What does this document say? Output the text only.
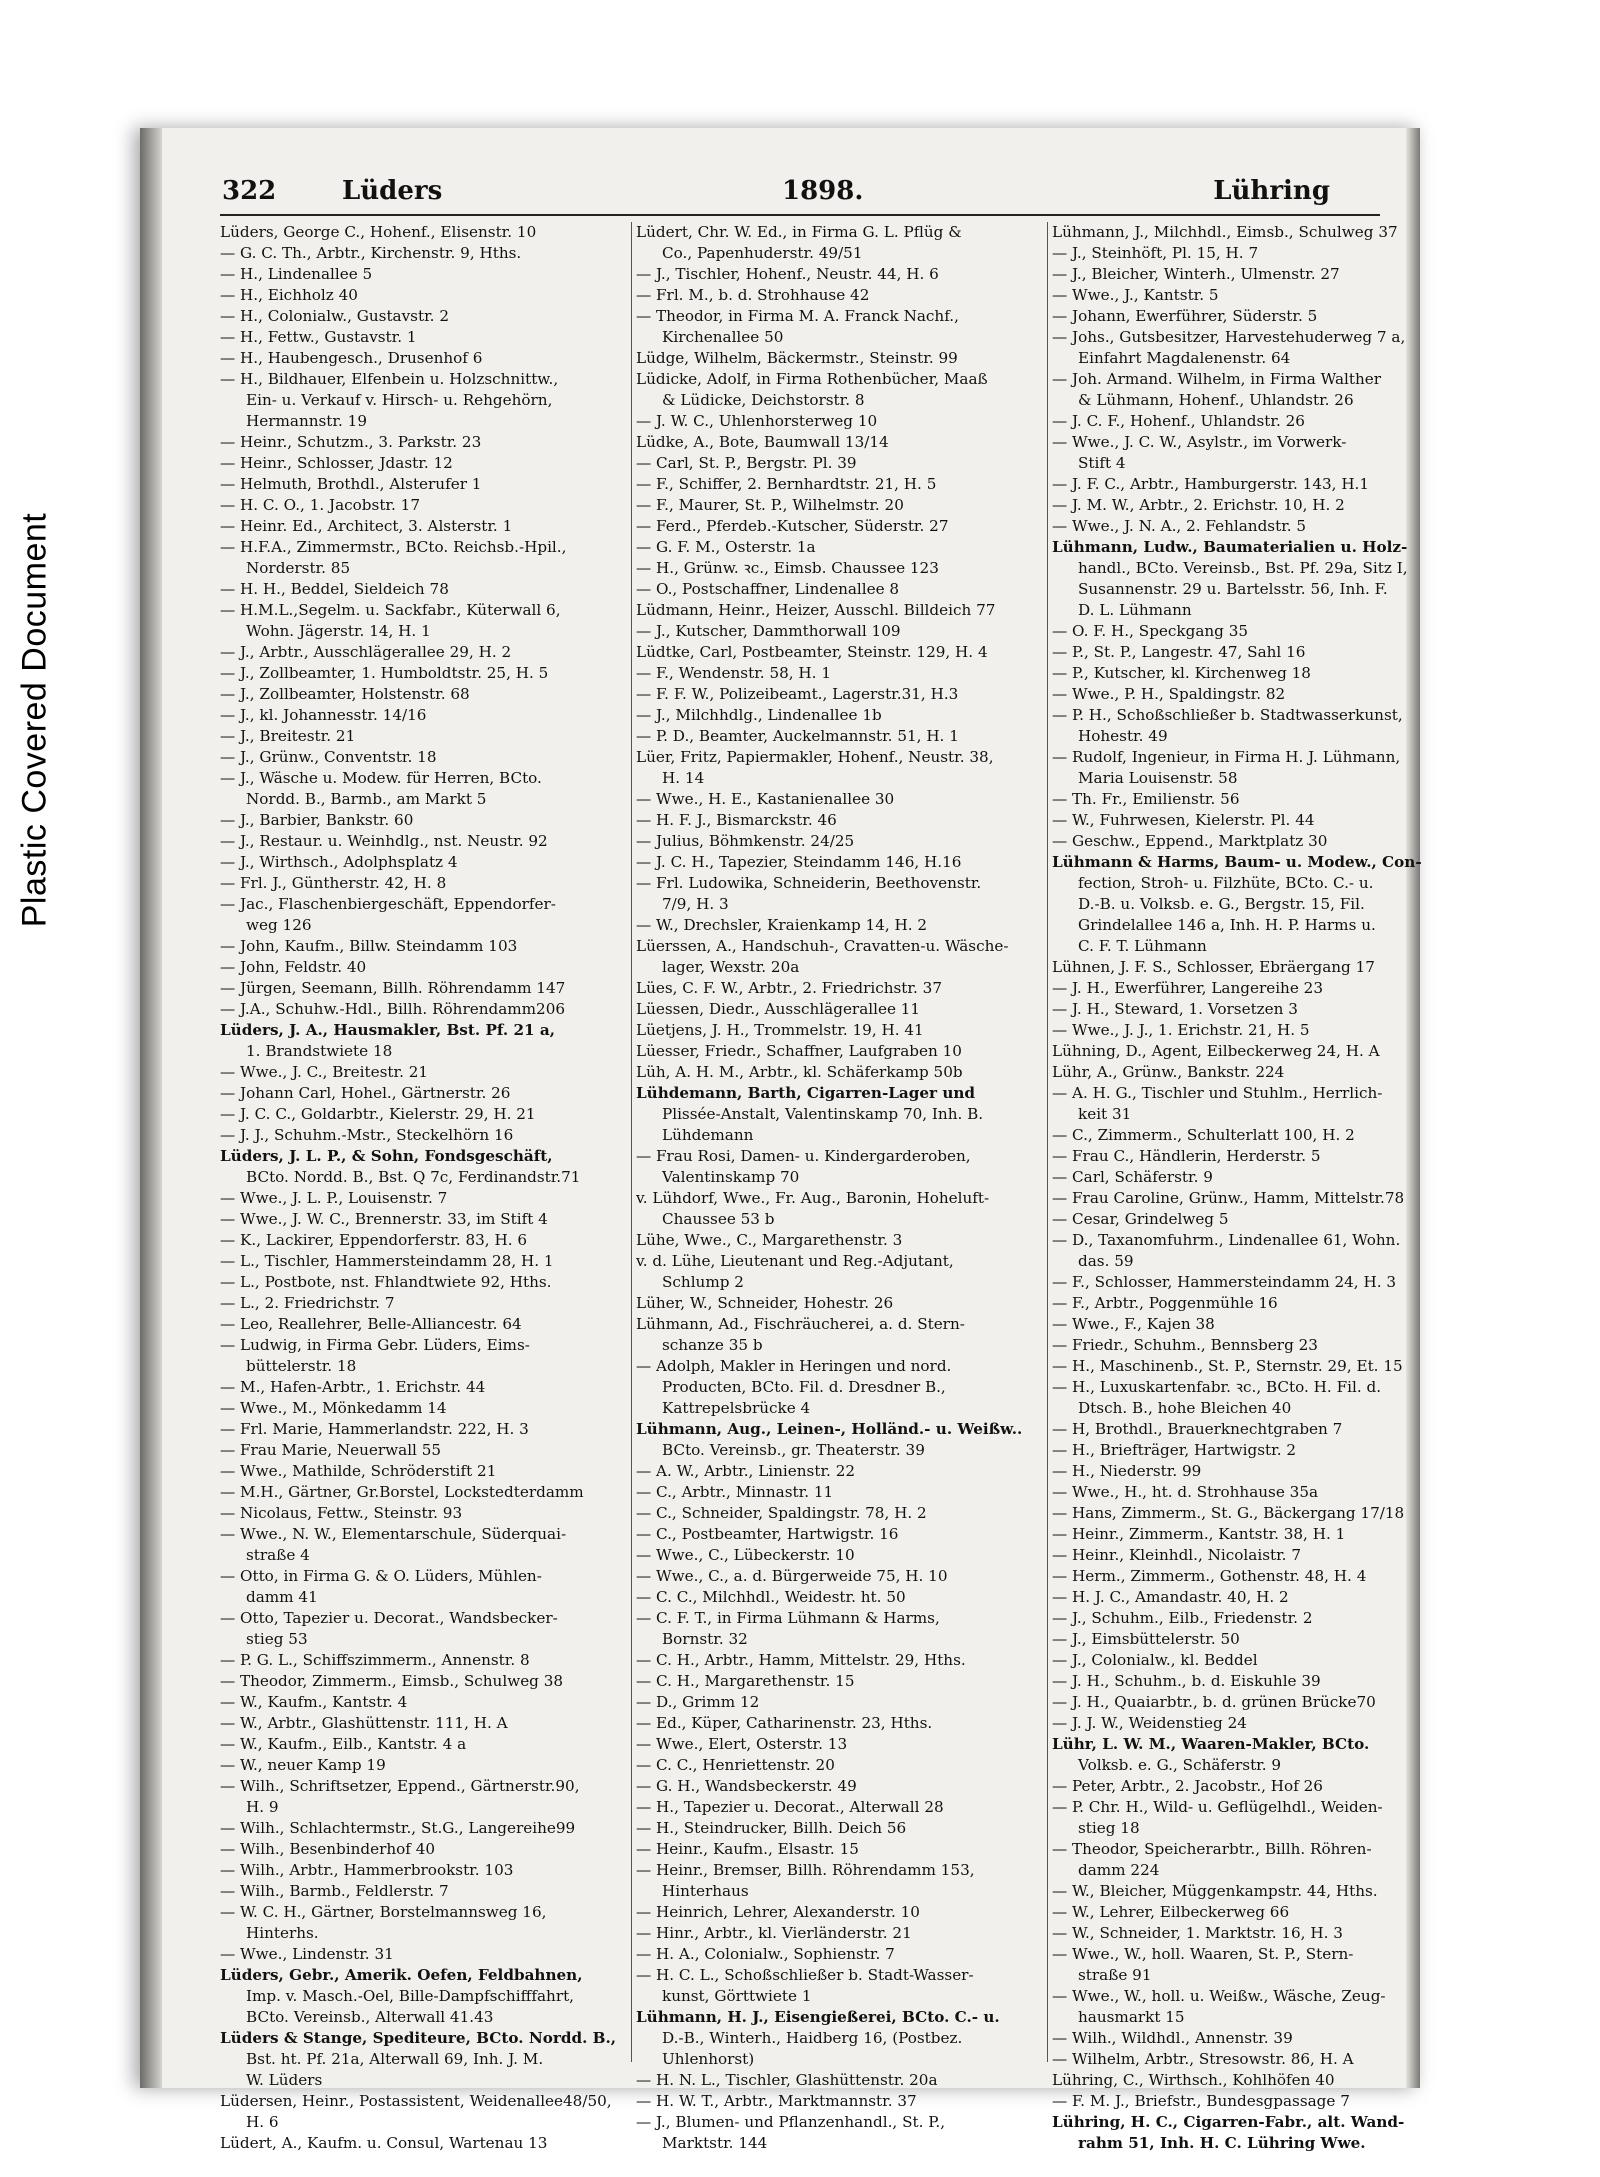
Plastic Covered Document
322	Lüders	1898.	Lühring
Lüders, George C., Hohenf., Elisenstr. 10
— G. C. Th., Arbtr., Kirchenstr. 9, Hths.
— H., Lindenallee 5
— H., Eichholz 40
— H., Colonialw., Gustavstr. 2
— H., Fettw., Gustavstr. 1
— H., Haubengesch., Drusenhof 6
— H., Bildhauer, Elfenbein u. Holzschnittw.,
Ein- u. Verkauf v. Hirsch- u. Rehgehörn,
Hermannstr. 19
— Heinr., Schutzm., 3. Parkstr. 23
— Heinr., Schlosser, Jdastr. 12
— Helmuth, Brothdl., Alsterufer 1
— H. C. O., 1. Jacobstr. 17
— Heinr. Ed., Architect, 3. Alsterstr. 1
— H.F.A., Zimmermstr., BCto. Reichsb.-Hpil.,
Norderstr. 85
— H. H., Beddel, Sieldeich 78
— H.M.L.,Segelm. u. Sackfabr., Küterwall 6,
Wohn. Jägerstr. 14, H. 1
— J., Arbtr., Ausschlägerallee 29, H. 2
— J., Zollbeamter, 1. Humboldtstr. 25, H. 5
— J., Zollbeamter, Holstenstr. 68
— J., kl. Johannesstr. 14/16
— J., Breitestr. 21
— J., Grünw., Conventstr. 18
— J., Wäsche u. Modew. für Herren, BCto.
Nordd. B., Barmb., am Markt 5
— J., Barbier, Bankstr. 60
— J., Restaur. u. Weinhdlg., nst. Neustr. 92
— J., Wirthsch., Adolphsplatz 4
— Frl. J., Güntherstr. 42, H. 8
— Jac., Flaschenbiergeschäft, Eppendorfer-
weg 126
— John, Kaufm., Billw. Steindamm 103
— John, Feldstr. 40
— Jürgen, Seemann, Billh. Röhrendamm 147
— J.A., Schuhw.-Hdl., Billh. Röhrendamm206
Lüders, J. A., Hausmakler, Bst. Pf. 21 a,
1. Brandstwiete 18
— Wwe., J. C., Breitestr. 21
— Johann Carl, Hohel., Gärtnerstr. 26
— J. C. C., Goldarbtr., Kielerstr. 29, H. 21
— J. J., Schuhm.-Mstr., Steckelhörn 16
Lüders, J. L. P., & Sohn, Fondsgeschäft,
BCto. Nordd. B., Bst. Q 7c, Ferdinandstr.71
— Wwe., J. L. P., Louisenstr. 7
— Wwe., J. W. C., Brennerstr. 33, im Stift 4
— K., Lackirer, Eppendorferstr. 83, H. 6
— L., Tischler, Hammersteindamm 28, H. 1
— L., Postbote, nst. Fhlandtwiete 92, Hths.
— L., 2. Friedrichstr. 7
— Leo, Reallehrer, Belle-Alliancestr. 64
— Ludwig, in Firma Gebr. Lüders, Eims-
büttelerstr. 18
— M., Hafen-Arbtr., 1. Erichstr. 44
— Wwe., M., Mönkedamm 14
— Frl. Marie, Hammerlandstr. 222, H. 3
— Frau Marie, Neuerwall 55
— Wwe., Mathilde, Schröderstift 21
— M.H., Gärtner, Gr.Borstel, Lockstedterdamm
— Nicolaus, Fettw., Steinstr. 93
— Wwe., N. W., Elementarschule, Süderquai-
straße 4
— Otto, in Firma G. & O. Lüders, Mühlen-
damm 41
— Otto, Tapezier u. Decorat., Wandsbecker-
stieg 53
— P. G. L., Schiffszimmerm., Annenstr. 8
— Theodor, Zimmerm., Eimsb., Schulweg 38
— W., Kaufm., Kantstr. 4
— W., Arbtr., Glashüttenstr. 111, H. A
— W., Kaufm., Eilb., Kantstr. 4 a
— W., neuer Kamp 19
— Wilh., Schriftsetzer, Eppend., Gärtnerstr.90,
H. 9
— Wilh., Schlachtermstr., St.G., Langereihe99
— Wilh., Besenbinderhof 40
— Wilh., Arbtr., Hammerbrookstr. 103
— Wilh., Barmb., Feldlerstr. 7
— W. C. H., Gärtner, Borstelmannsweg 16,
Hinterhs.
— Wwe., Lindenstr. 31
Lüders, Gebr., Amerik. Oefen, Feldbahnen,
Imp. v. Masch.-Oel, Bille-Dampfschifffahrt,
BCto. Vereinsb., Alterwall 41.43
Lüders & Stange, Spediteure, BCto. Nordd. B.,
Bst. ht. Pf. 21a, Alterwall 69, Inh. J. M.
W. Lüders
Lüdersen, Heinr., Postassistent, Weidenallee48/50,
H. 6
Lüdert, A., Kaufm. u. Consul, Wartenau 13
Lüdert, Chr. W. Ed., in Firma G. L. Pflüg &
Co., Papenhuderstr. 49/51
— J., Tischler, Hohenf., Neustr. 44, H. 6
— Frl. M., b. d. Strohhause 42
— Theodor, in Firma M. A. Franck Nachf.,
Kirchenallee 50
Lüdge, Wilhelm, Bäckermstr., Steinstr. 99
Lüdicke, Adolf, in Firma Rothenbücher, Maaß
& Lüdicke, Deichstorstr. 8
— J. W. C., Uhlenhorsterweg 10
Lüdke, A., Bote, Baumwall 13/14
— Carl, St. P., Bergstr. Pl. 39
— F., Schiffer, 2. Bernhardtstr. 21, H. 5
— F., Maurer, St. P., Wilhelmstr. 20
— Ferd., Pferdeb.-Kutscher, Süderstr. 27
— G. F. M., Osterstr. 1a
— H., Grünw. ꝛc., Eimsb. Chaussee 123
— O., Postschaffner, Lindenallee 8
Lüdmann, Heinr., Heizer, Ausschl. Billdeich 77
— J., Kutscher, Dammthorwall 109
Lüdtke, Carl, Postbeamter, Steinstr. 129, H. 4
— F., Wendenstr. 58, H. 1
— F. F. W., Polizeibeamt., Lagerstr.31, H.3
— J., Milchhdlg., Lindenallee 1b
— P. D., Beamter, Auckelmannstr. 51, H. 1
Lüer, Fritz, Papiermakler, Hohenf., Neustr. 38,
H. 14
— Wwe., H. E., Kastanienallee 30
— H. F. J., Bismarckstr. 46
— Julius, Böhmkenstr. 24/25
— J. C. H., Tapezier, Steindamm 146, H.16
— Frl. Ludowika, Schneiderin, Beethovenstr.
7/9, H. 3
— W., Drechsler, Kraienkamp 14, H. 2
Lüerssen, A., Handschuh-, Cravatten-u. Wäsche-
lager, Wexstr. 20a
Lües, C. F. W., Arbtr., 2. Friedrichstr. 37
Lüessen, Diedr., Ausschlägerallee 11
Lüetjens, J. H., Trommelstr. 19, H. 41
Lüesser, Friedr., Schaffner, Laufgraben 10
Lüh, A. H. M., Arbtr., kl. Schäferkamp 50b
Lühdemann, Barth, Cigarren-Lager und
Plissée-Anstalt, Valentinskamp 70, Inh. B.
Lühdemann
— Frau Rosi, Damen- u. Kindergarderoben,
Valentinskamp 70
v. Lühdorf, Wwe., Fr. Aug., Baronin, Hoheluft-
Chaussee 53 b
Lühe, Wwe., C., Margarethenstr. 3
v. d. Lühe, Lieutenant und Reg.-Adjutant,
Schlump 2
Lüher, W., Schneider, Hohestr. 26
Lühmann, Ad., Fischräucherei, a. d. Stern-
schanze 35 b
— Adolph, Makler in Heringen und nord.
Producten, BCto. Fil. d. Dresdner B.,
Kattrepelsbrücke 4
Lühmann, Aug., Leinen-, Holländ.- u. Weißw..
BCto. Vereinsb., gr. Theaterstr. 39
— A. W., Arbtr., Linienstr. 22
— C., Arbtr., Minnastr. 11
— C., Schneider, Spaldingstr. 78, H. 2
— C., Postbeamter, Hartwigstr. 16
— Wwe., C., Lübeckerstr. 10
— Wwe., C., a. d. Bürgerweide 75, H. 10
— C. C., Milchhdl., Weidestr. ht. 50
— C. F. T., in Firma Lühmann & Harms,
Bornstr. 32
— C. H., Arbtr., Hamm, Mittelstr. 29, Hths.
— C. H., Margarethenstr. 15
— D., Grimm 12
— Ed., Küper, Catharinenstr. 23, Hths.
— Wwe., Elert, Osterstr. 13
— C. C., Henriettenstr. 20
— G. H., Wandsbeckerstr. 49
— H., Tapezier u. Decorat., Alterwall 28
— H., Steindrucker, Billh. Deich 56
— Heinr., Kaufm., Elsastr. 15
— Heinr., Bremser, Billh. Röhrendamm 153,
Hinterhaus
— Heinrich, Lehrer, Alexanderstr. 10
— Hinr., Arbtr., kl. Vierländerstr. 21
— H. A., Colonialw., Sophienstr. 7
— H. C. L., Schoßschließer b. Stadt-Wasser-
kunst, Görttwiete 1
Lühmann, H. J., Eisengießerei, BCto. C.- u.
D.-B., Winterh., Haidberg 16, (Postbez.
Uhlenhorst)
— H. N. L., Tischler, Glashüttenstr. 20a
— H. W. T., Arbtr., Marktmannstr. 37
— J., Blumen- und Pflanzenhandl., St. P.,
Marktstr. 144
Lühmann, J., Milchhdl., Eimsb., Schulweg 37
— J., Steinhöft, Pl. 15, H. 7
— J., Bleicher, Winterh., Ulmenstr. 27
— Wwe., J., Kantstr. 5
— Johann, Ewerführer, Süderstr. 5
— Johs., Gutsbesitzer, Harvestehuderweg 7 a,
Einfahrt Magdalenenstr. 64
— Joh. Armand. Wilhelm, in Firma Walther
& Lühmann, Hohenf., Uhlandstr. 26
— J. C. F., Hohenf., Uhlandstr. 26
— Wwe., J. C. W., Asylstr., im Vorwerk-
Stift 4
— J. F. C., Arbtr., Hamburgerstr. 143, H.1
— J. M. W., Arbtr., 2. Erichstr. 10, H. 2
— Wwe., J. N. A., 2. Fehlandstr. 5
Lühmann, Ludw., Baumaterialien u. Holz-
handl., BCto. Vereinsb., Bst. Pf. 29a, Sitz I,
Susannenstr. 29 u. Bartelsstr. 56, Inh. F.
D. L. Lühmann
— O. F. H., Speckgang 35
— P., St. P., Langestr. 47, Sahl 16
— P., Kutscher, kl. Kirchenweg 18
— Wwe., P. H., Spaldingstr. 82
— P. H., Schoßschließer b. Stadtwasserkunst,
Hohestr. 49
— Rudolf, Ingenieur, in Firma H. J. Lühmann,
Maria Louisenstr. 58
— Th. Fr., Emilienstr. 56
— W., Fuhrwesen, Kielerstr. Pl. 44
— Geschw., Eppend., Marktplatz 30
Lühmann & Harms, Baum- u. Modew., Con-
fection, Stroh- u. Filzhüte, BCto. C.- u.
D.-B. u. Volksb. e. G., Bergstr. 15, Fil.
Grindelallee 146 a, Inh. H. P. Harms u.
C. F. T. Lühmann
Lühnen, J. F. S., Schlosser, Ebräergang 17
— J. H., Ewerführer, Langereihe 23
— J. H., Steward, 1. Vorsetzen 3
— Wwe., J. J., 1. Erichstr. 21, H. 5
Lühning, D., Agent, Eilbeckerweg 24, H. A
Lühr, A., Grünw., Bankstr. 224
— A. H. G., Tischler und Stuhlm., Herrlich-
keit 31
— C., Zimmerm., Schulterlatt 100, H. 2
— Frau C., Händlerin, Herderstr. 5
— Carl, Schäferstr. 9
— Frau Caroline, Grünw., Hamm, Mittelstr.78
— Cesar, Grindelweg 5
— D., Taxanomfuhrm., Lindenallee 61, Wohn.
das. 59
— F., Schlosser, Hammersteindamm 24, H. 3
— F., Arbtr., Poggenmühle 16
— Wwe., F., Kajen 38
— Friedr., Schuhm., Bennsberg 23
— H., Maschinenb., St. P., Sternstr. 29, Et. 15
— H., Luxuskartenfabr. ꝛc., BCto. H. Fil. d.
Dtsch. B., hohe Bleichen 40
— H, Brothdl., Brauerknechtgraben 7
— H., Briefträger, Hartwigstr. 2
— H., Niederstr. 99
— Wwe., H., ht. d. Strohhause 35a
— Hans, Zimmerm., St. G., Bäckergang 17/18
— Heinr., Zimmerm., Kantstr. 38, H. 1
— Heinr., Kleinhdl., Nicolaistr. 7
— Herm., Zimmerm., Gothenstr. 48, H. 4
— H. J. C., Amandastr. 40, H. 2
— J., Schuhm., Eilb., Friedenstr. 2
— J., Eimsbüttelerstr. 50
— J., Colonialw., kl. Beddel
— J. H., Schuhm., b. d. Eiskuhle 39
— J. H., Quaiarbtr., b. d. grünen Brücke70
— J. J. W., Weidenstieg 24
Lühr, L. W. M., Waaren-Makler, BCto.
Volksb. e. G., Schäferstr. 9
— Peter, Arbtr., 2. Jacobstr., Hof 26
— P. Chr. H., Wild- u. Geflügelhdl., Weiden-
stieg 18
— Theodor, Speicherarbtr., Billh. Röhren-
damm 224
— W., Bleicher, Müggenkampstr. 44, Hths.
— W., Lehrer, Eilbeckerweg 66
— W., Schneider, 1. Marktstr. 16, H. 3
— Wwe., W., holl. Waaren, St. P., Stern-
straße 91
— Wwe., W., holl. u. Weißw., Wäsche, Zeug-
hausmarkt 15
— Wilh., Wildhdl., Annenstr. 39
— Wilhelm, Arbtr., Stresowstr. 86, H. A
Lühring, C., Wirthsch., Kohlhöfen 40
— F. M. J., Briefstr., Bundesgpassage 7
Lühring, H. C., Cigarren-Fabr., alt. Wand-
rahm 51, Inh. H. C. Lühring Wwe.
